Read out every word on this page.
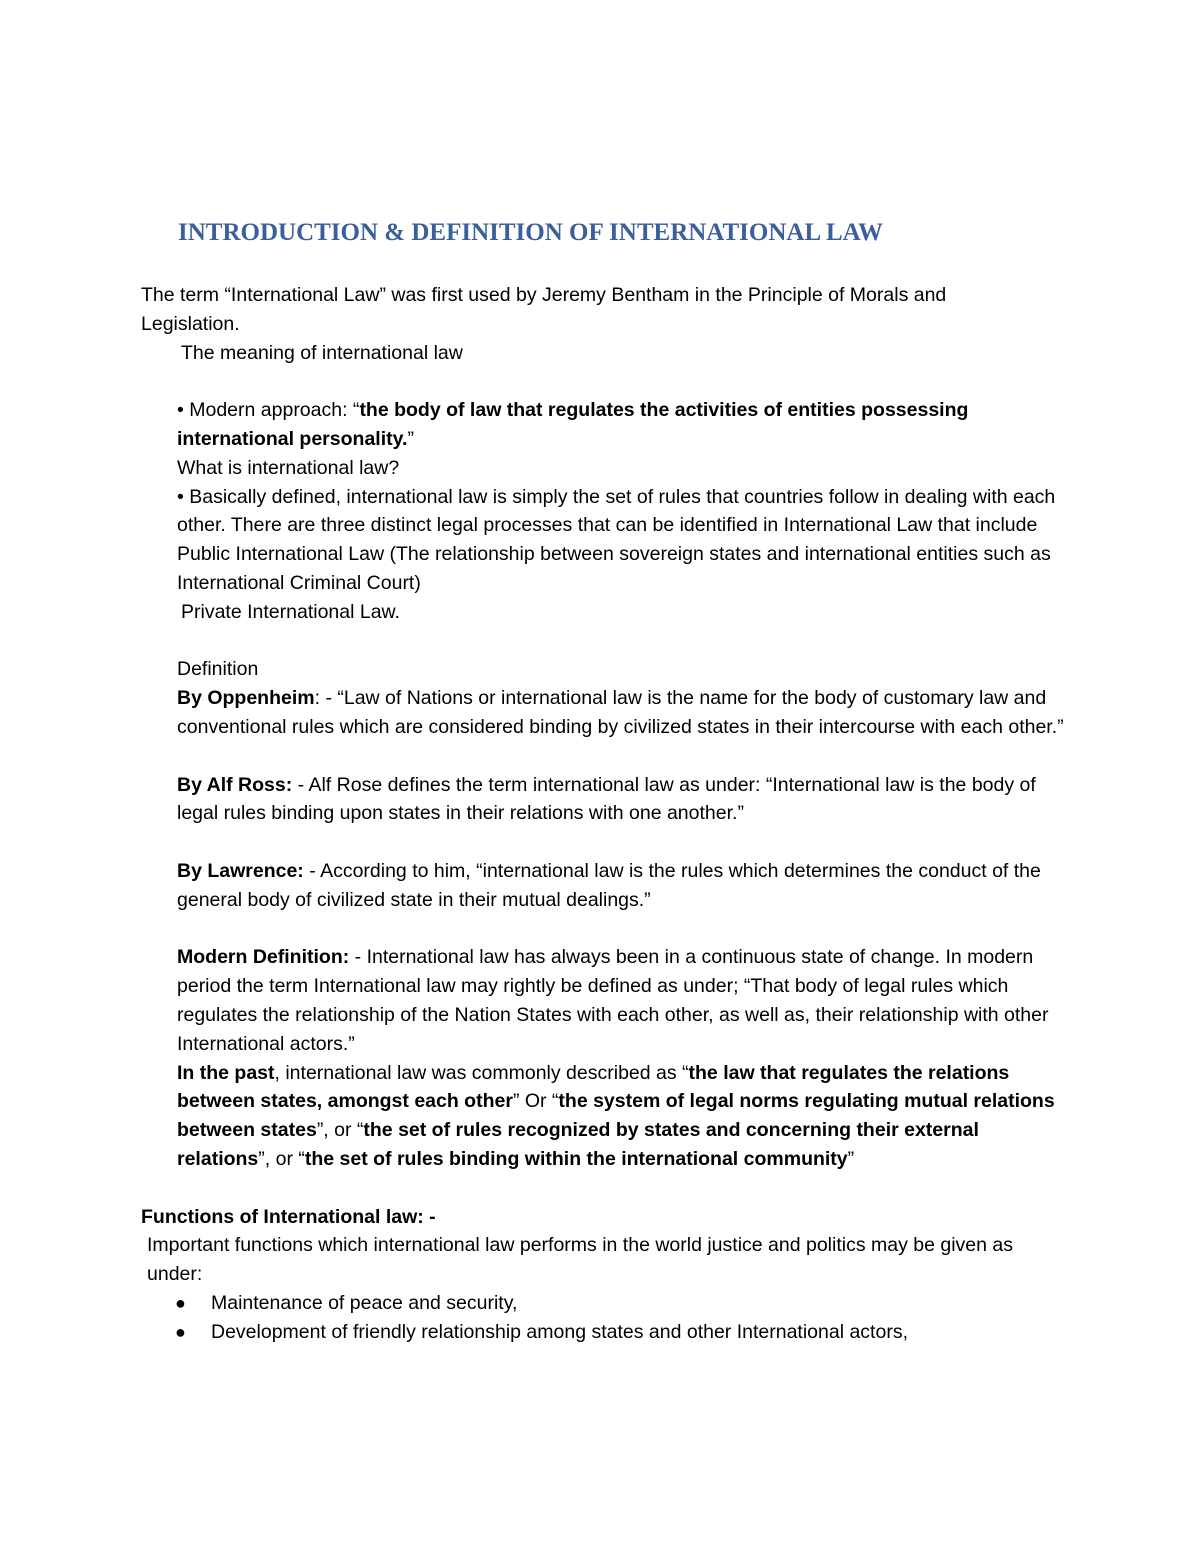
INTRODUCTION & DEFINITION OF INTERNATIONAL LAW

The term “International Law” was first used by Jeremy Bentham in the Principle of Morals and
Legislation.

The meaning of international law

• Modern approach: “the body of law that regulates the activities of entities possessing international personality.”

What is international law?

• Basically defined, international law is simply the set of rules that countries follow in dealing with each other. There are three distinct legal processes that can be identified in International Law that include

Public International Law (The relationship between sovereign states and international entities such as International Criminal Court)

Private International Law.

Definition

By Oppenheim: - “Law of Nations or international law is the name for the body of customary law and conventional rules which are considered binding by civilized states in their intercourse with each other.”

By Alf Ross: - Alf Rose defines the term international law as under: “International law is the body of legal rules binding upon states in their relations with one another.”

By Lawrence: - According to him, “international law is the rules which determines the conduct of the general body of civilized state in their mutual dealings.”

Modern Definition: - International law has always been in a continuous state of change. In modern period the term International law may rightly be defined as under; “That body of legal rules which regulates the relationship of the Nation States with each other, as well as, their relationship with other International actors.”

In the past, international law was commonly described as “the law that regulates the relations between states, amongst each other” Or “the system of legal norms regulating mutual relations between states”, or “the set of rules recognized by states and concerning their external relations”, or “the set of rules binding within the international community”

Functions of International law: -

Important functions which international law performs in the world justice and politics may be given as under:

● Maintenance of peace and security,
● Development of friendly relationship among states and other International actors,
